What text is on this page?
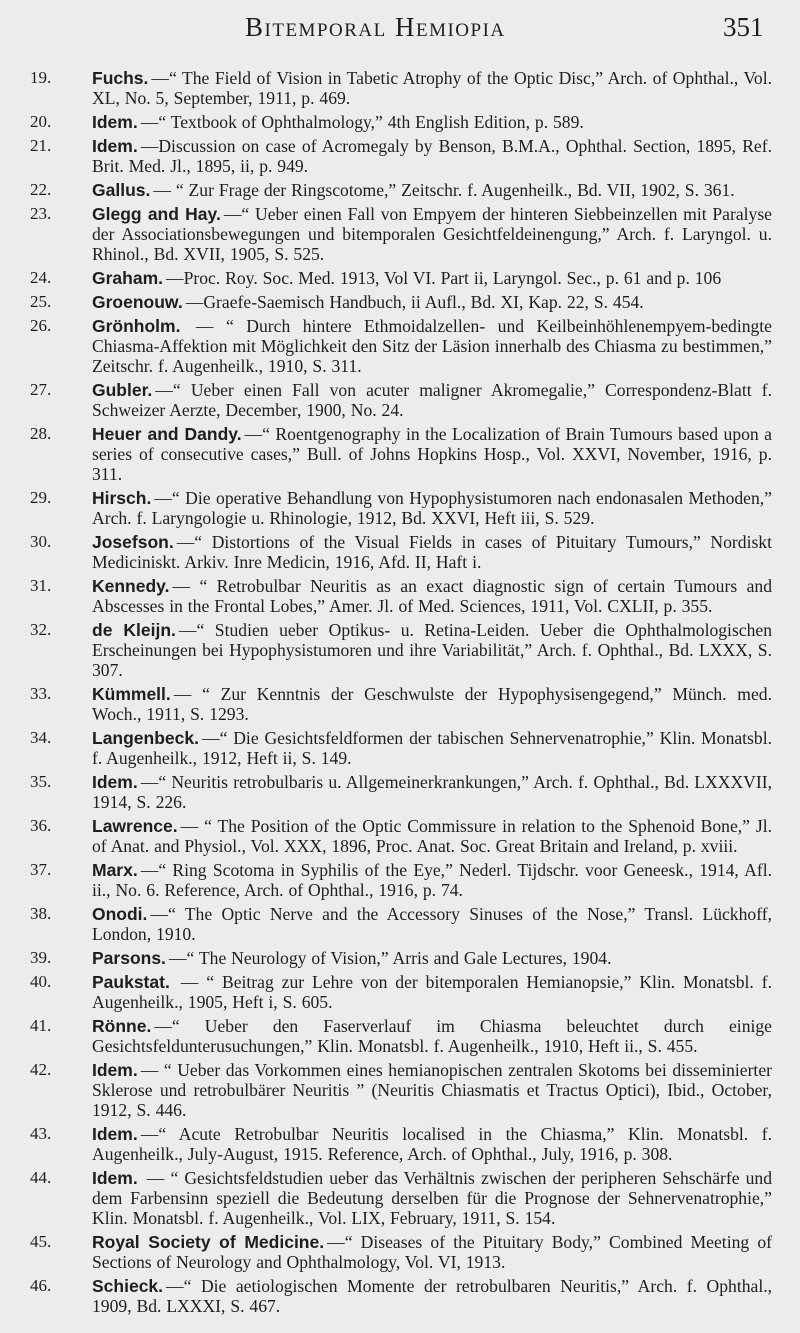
Bitemporal Hemiopia	351
19. Fuchs. —“ The Field of Vision in Tabetic Atrophy of the Optic Disc,” Arch. of Ophthal., Vol. XL, No. 5, September, 1911, p. 469.
20. Idem. —“ Textbook of Ophthalmology,” 4th English Edition, p. 589.
21. Idem. —Discussion on case of Acromegaly by Benson, B.M.A., Ophthal. Section, 1895, Ref. Brit. Med. Jl., 1895, ii, p. 949.
22. Gallus. — “ Zur Frage der Ringscotome,” Zeitschr. f. Augenheilk., Bd. VII, 1902, S. 361.
23. Glegg and Hay. —“ Ueber einen Fall von Empyem der hinteren Siebbeinzellen mit Paralyse der Associationsbewegungen und bitemporalen Gesichtfeldeinengung,” Arch. f. Laryngol. u. Rhinol., Bd. XVII, 1905, S. 525.
24. Graham. —Proc. Roy. Soc. Med. 1913, Vol VI. Part ii, Laryngol. Sec., p. 61 and p. 106
25. Groenouw. —Graefe-Saemisch Handbuch, ii Aufl., Bd. XI, Kap. 22, S. 454.
26. Grönholm. — “ Durch hintere Ethmoidalzellen- und Keilbeinhöhlenempyem-bedingte Chiasma-Affektion mit Möglichkeit den Sitz der Läsion innerhalb des Chiasma zu bestimmen,” Zeitschr. f. Augenheilk., 1910, S. 311.
27. Gubler. —“ Ueber einen Fall von acuter maligner Akromegalie,” Correspondenz-Blatt f. Schweizer Aerzte, December, 1900, No. 24.
28. Heuer and Dandy. —“ Roentgenography in the Localization of Brain Tumours based upon a series of consecutive cases,” Bull. of Johns Hopkins Hosp., Vol. XXVI, November, 1916, p. 311.
29. Hirsch. —“ Die operative Behandlung von Hypophysistumoren nach endonasalen Methoden,” Arch. f. Laryngologie u. Rhinologie, 1912, Bd. XXVI, Heft iii, S. 529.
30. Josefson. —“ Distortions of the Visual Fields in cases of Pituitary Tumours,” Nordiskt Mediciniskt. Arkiv. Inre Medicin, 1916, Afd. II, Haft i.
31. Kennedy. — “ Retrobulbar Neuritis as an exact diagnostic sign of certain Tumours and Abscesses in the Frontal Lobes,” Amer. Jl. of Med. Sciences, 1911, Vol. CXLII, p. 355.
32. de Kleijn. —“ Studien ueber Optikus- u. Retina-Leiden. Ueber die Ophthalmologischen Erscheinungen bei Hypophysistumoren und ihre Variabilität,” Arch. f. Ophthal., Bd. LXXX, S. 307.
33. Kümmell. — “ Zur Kenntnis der Geschwulste der Hypophysisengegend,” Münch. med. Woch., 1911, S. 1293.
34. Langenbeck. —“ Die Gesichtsfeldformen der tabischen Sehnervenatrophie,” Klin. Monatsbl. f. Augenheilk., 1912, Heft ii, S. 149.
35. Idem. —“ Neuritis retrobulbaris u. Allgemeinerkrankungen,” Arch. f. Ophthal., Bd. LXXXVII, 1914, S. 226.
36. Lawrence. — “ The Position of the Optic Commissure in relation to the Sphenoid Bone,” Jl. of Anat. and Physiol., Vol. XXX, 1896, Proc. Anat. Soc. Great Britain and Ireland, p. xviii.
37. Marx. —“ Ring Scotoma in Syphilis of the Eye,” Nederl. Tijdschr. voor Geneesk., 1914, Afl. ii., No. 6. Reference, Arch. of Ophthal., 1916, p. 74.
38. Onodi. —“ The Optic Nerve and the Accessory Sinuses of the Nose,” Transl. Lückhoff, London, 1910.
39. Parsons. —“ The Neurology of Vision,” Arris and Gale Lectures, 1904.
40. Paukstat. — “ Beitrag zur Lehre von der bitemporalen Hemianopsie,” Klin. Monatsbl. f. Augenheilk., 1905, Heft i, S. 605.
41. Rönne. —“ Ueber den Faserverlauf im Chiasma beleuchtet durch einige Gesichtsfeldunterusuchungen,” Klin. Monatsbl. f. Augenheilk., 1910, Heft ii., S. 455.
42. Idem. — “ Ueber das Vorkommen eines hemianopischen zentralen Skotoms bei disseminierter Sklerose und retrobulbärer Neuritis ” (Neuritis Chiasmatis et Tractus Optici), Ibid., October, 1912, S. 446.
43. Idem. —“ Acute Retrobulbar Neuritis localised in the Chiasma,” Klin. Monatsbl. f. Augenheilk., July-August, 1915. Reference, Arch. of Ophthal., July, 1916, p. 308.
44. Idem. — “ Gesichtsfeldstudien ueber das Verhältnis zwischen der peripheren Sehschärfe und dem Farbensinn speziell die Bedeutung derselben für die Prognose der Sehnervenatrophie,” Klin. Monatsbl. f. Augenheilk., Vol. LIX, February, 1911, S. 154.
45. Royal Society of Medicine. —“ Diseases of the Pituitary Body,” Combined Meeting of Sections of Neurology and Ophthalmology, Vol. VI, 1913.
46. Schieck. —“ Die aetiologischen Momente der retrobulbaren Neuritis,” Arch. f. Ophthal., 1909, Bd. LXXXI, S. 467.
